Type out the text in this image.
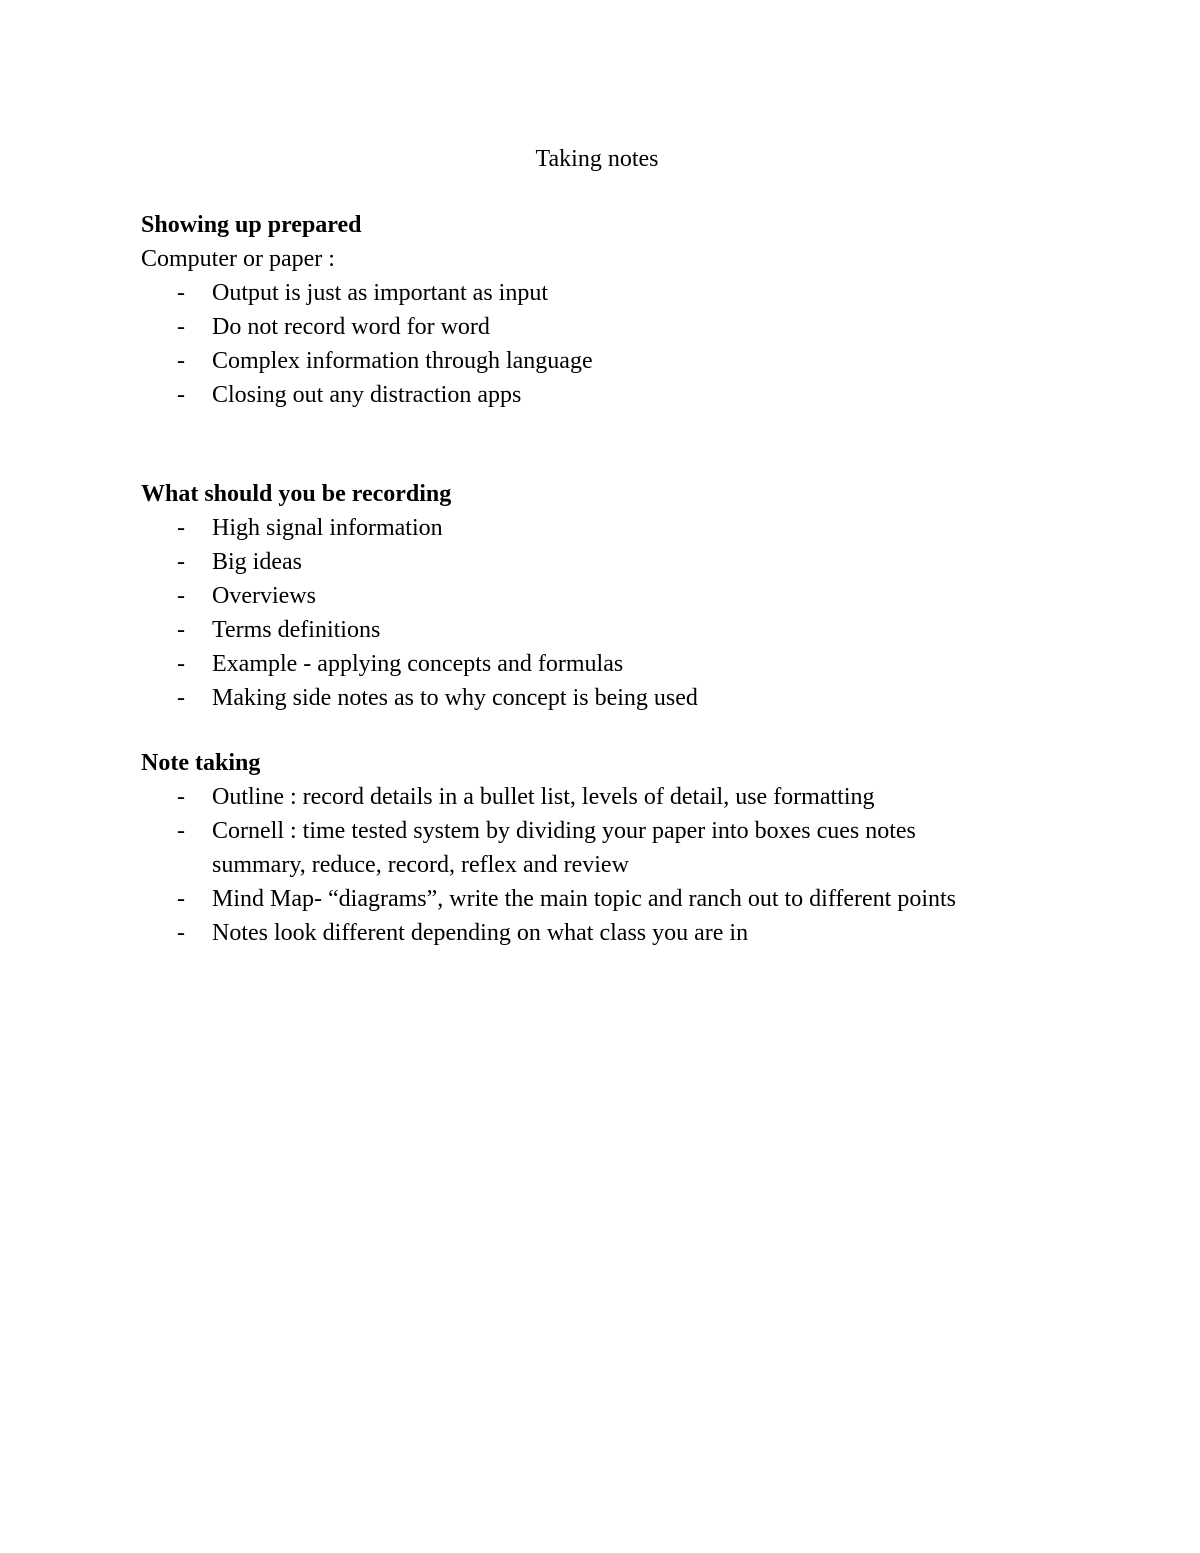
Taking notes

Showing up prepared

Computer or paper :

-	Output is just as important as input
-	Do not record word for word
-	Complex information through language
-	Closing out any distraction apps

What should you be recording

-	High signal information
-	Big ideas
-	Overviews
-	Terms definitions
-	Example - applying concepts and formulas
-	Making side notes as to why concept is being used

Note taking

-	Outline : record details in a bullet list, levels of detail, use formatting
-	Cornell : time tested system by dividing your paper into boxes cues notes summary, reduce, record, reflex and review
-	Mind Map- “diagrams”, write the main topic and ranch out to different points
-	Notes look different depending on what class you are in
